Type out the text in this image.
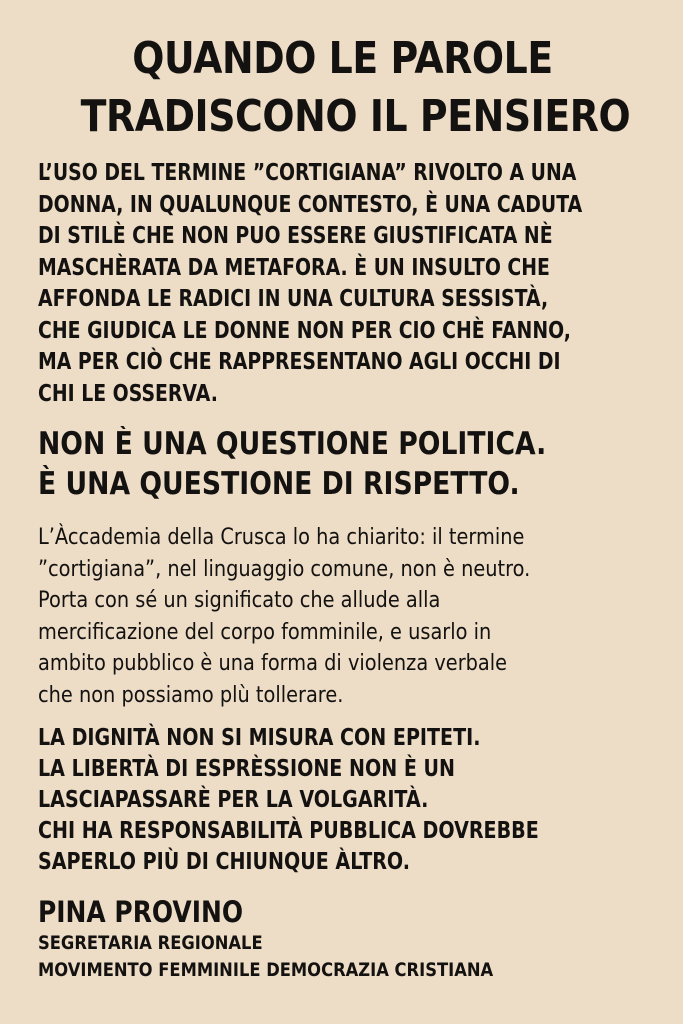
QUANDO LE PAROLE
TRADISCONO IL PENSIERO

L’USO DEL TERMINE ”CORTIGIANA” RIVOLTO A UNA
DONNA, IN QUALUNQUE CONTESTO, È UNA CADUTA
DI STILÈ CHE NON PUO ESSERE GIUSTIFICATA NÈ
MASCHÈRATA DA METAFORA. È UN INSULTO CHE
AFFONDA LE RADICI IN UNA CULTURA SESSISTÀ,
CHE GIUDICA LE DONNE NON PER CIO CHÈ FANNO,
MA PER CIÒ CHE RAPPRESENTANO AGLI OCCHI DI
CHI LE OSSERVA.

NON È UNA QUESTIONE POLITICA.
È UNA QUESTIONE DI RISPETTO.

L’Àccademia della Crusca lo ha chiarito: il termine
”cortigiana”, nel linguaggio comune, non è neutro.
Porta con sé un significato che allude alla
mercificazione del corpo fomminile, e usarlo in
ambito pubblico è una forma di violenza verbale
che non possiamo plù tollerare.

LA DIGNITÀ NON SI MISURA CON EPITETI.
LA LIBERTÀ DI ESPRÈSSIONE NON È UN
LASCIAPASSARÈ PER LA VOLGARITÀ.
CHI HA RESPONSABILITÀ PUBBLICA DOVREBBE
SAPERLO PIÙ DI CHIUNQUE ÀLTRO.

PINA PROVINO
SEGRETARIA REGIONALE
MOVIMENTO FEMMINILE DEMOCRAZIA CRISTIANA
